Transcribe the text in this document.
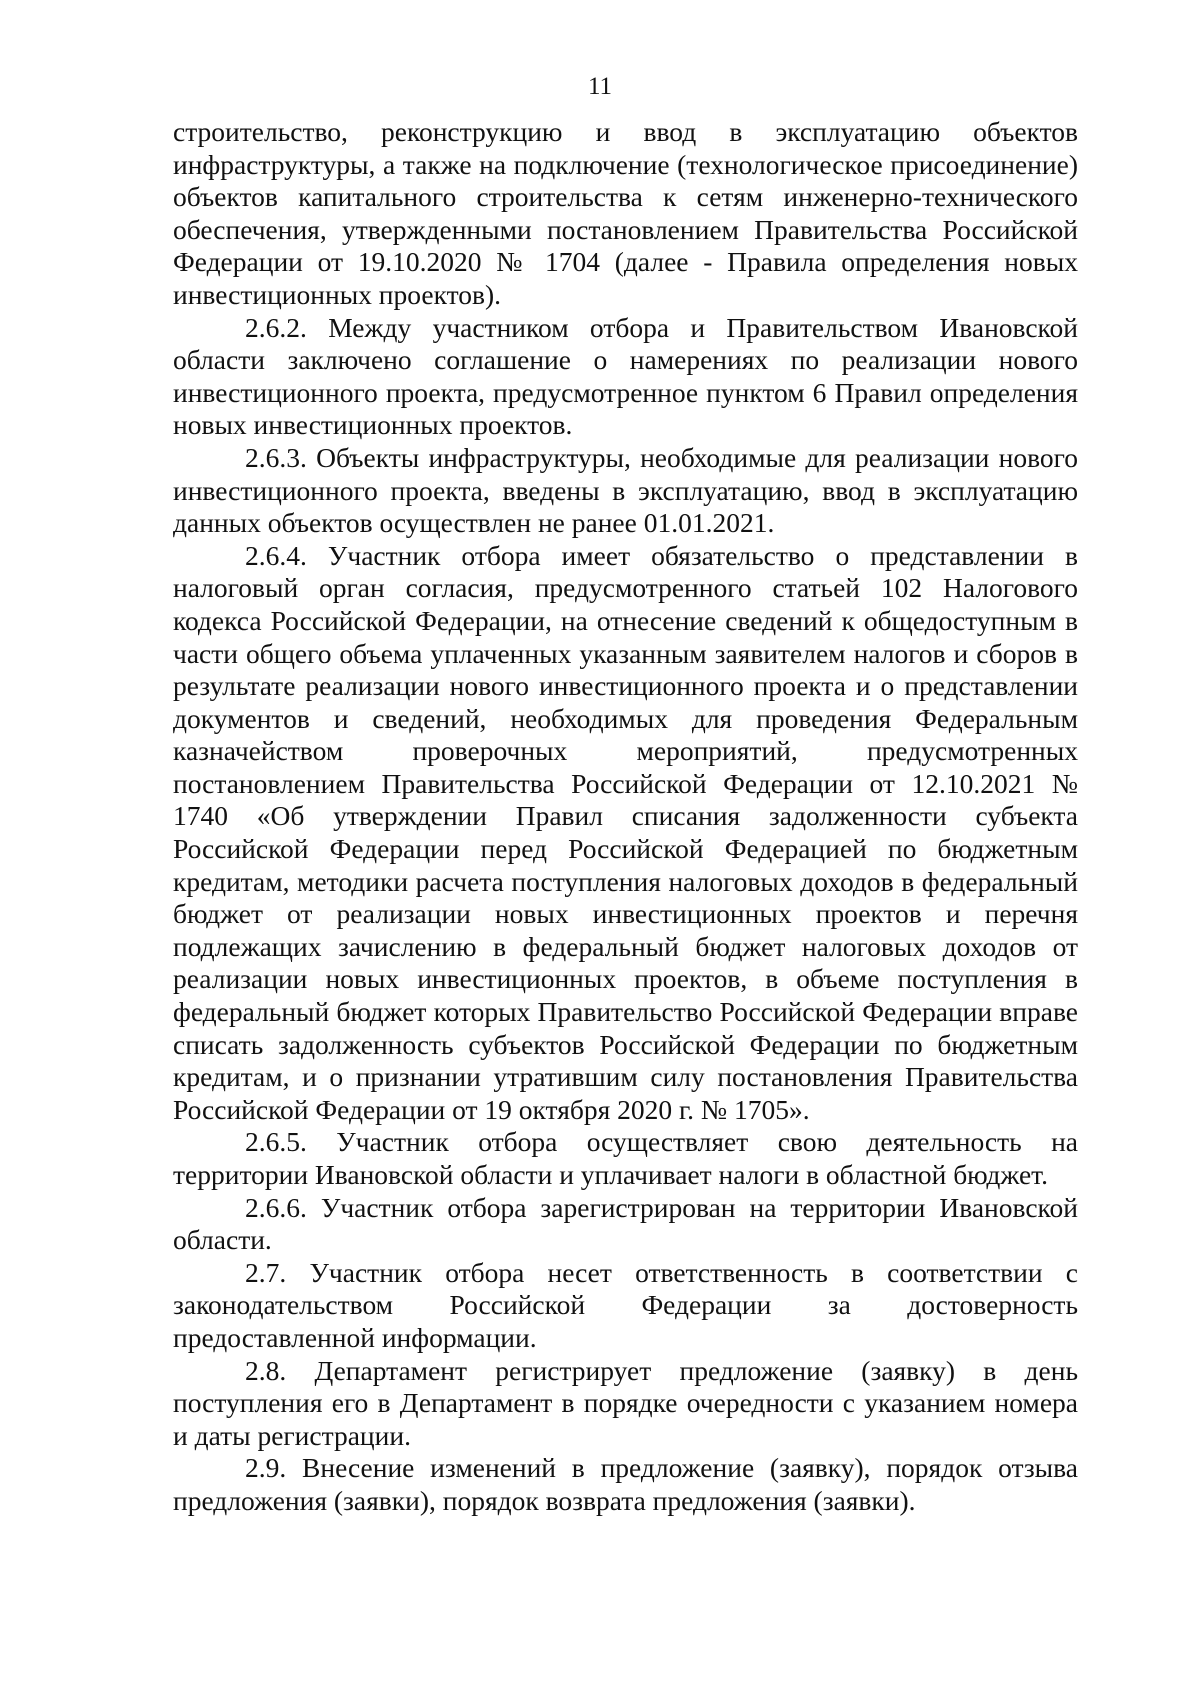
11

строительство, реконструкцию и ввод в эксплуатацию объектов инфраструктуры, а также на подключение (технологическое присоединение) объектов капитального строительства к сетям инженерно-технического обеспечения, утвержденными постановлением Правительства Российской Федерации от 19.10.2020 № 1704 (далее - Правила определения новых инвестиционных проектов).

2.6.2. Между участником отбора и Правительством Ивановской области заключено соглашение о намерениях по реализации нового инвестиционного проекта, предусмотренное пунктом 6 Правил определения новых инвестиционных проектов.

2.6.3. Объекты инфраструктуры, необходимые для реализации нового инвестиционного проекта, введены в эксплуатацию, ввод в эксплуатацию данных объектов осуществлен не ранее 01.01.2021.

2.6.4. Участник отбора имеет обязательство о представлении в налоговый орган согласия, предусмотренного статьей 102 Налогового кодекса Российской Федерации, на отнесение сведений к общедоступным в части общего объема уплаченных указанным заявителем налогов и сборов в результате реализации нового инвестиционного проекта и о представлении документов и сведений, необходимых для проведения Федеральным казначейством проверочных мероприятий, предусмотренных постановлением Правительства Российской Федерации от 12.10.2021 № 1740 «Об утверждении Правил списания задолженности субъекта Российской Федерации перед Российской Федерацией по бюджетным кредитам, методики расчета поступления налоговых доходов в федеральный бюджет от реализации новых инвестиционных проектов и перечня подлежащих зачислению в федеральный бюджет налоговых доходов от реализации новых инвестиционных проектов, в объеме поступления в федеральный бюджет которых Правительство Российской Федерации вправе списать задолженность субъектов Российской Федерации по бюджетным кредитам, и о признании утратившим силу постановления Правительства Российской Федерации от 19 октября 2020 г. № 1705».

2.6.5. Участник отбора осуществляет свою деятельность на территории Ивановской области и уплачивает налоги в областной бюджет.

2.6.6. Участник отбора зарегистрирован на территории Ивановской области.

2.7. Участник отбора несет ответственность в соответствии с законодательством Российской Федерации за достоверность предоставленной информации.

2.8. Департамент регистрирует предложение (заявку) в день поступления его в Департамент в порядке очередности с указанием номера и даты регистрации.

2.9. Внесение изменений в предложение (заявку), порядок отзыва предложения (заявки), порядок возврата предложения (заявки).
